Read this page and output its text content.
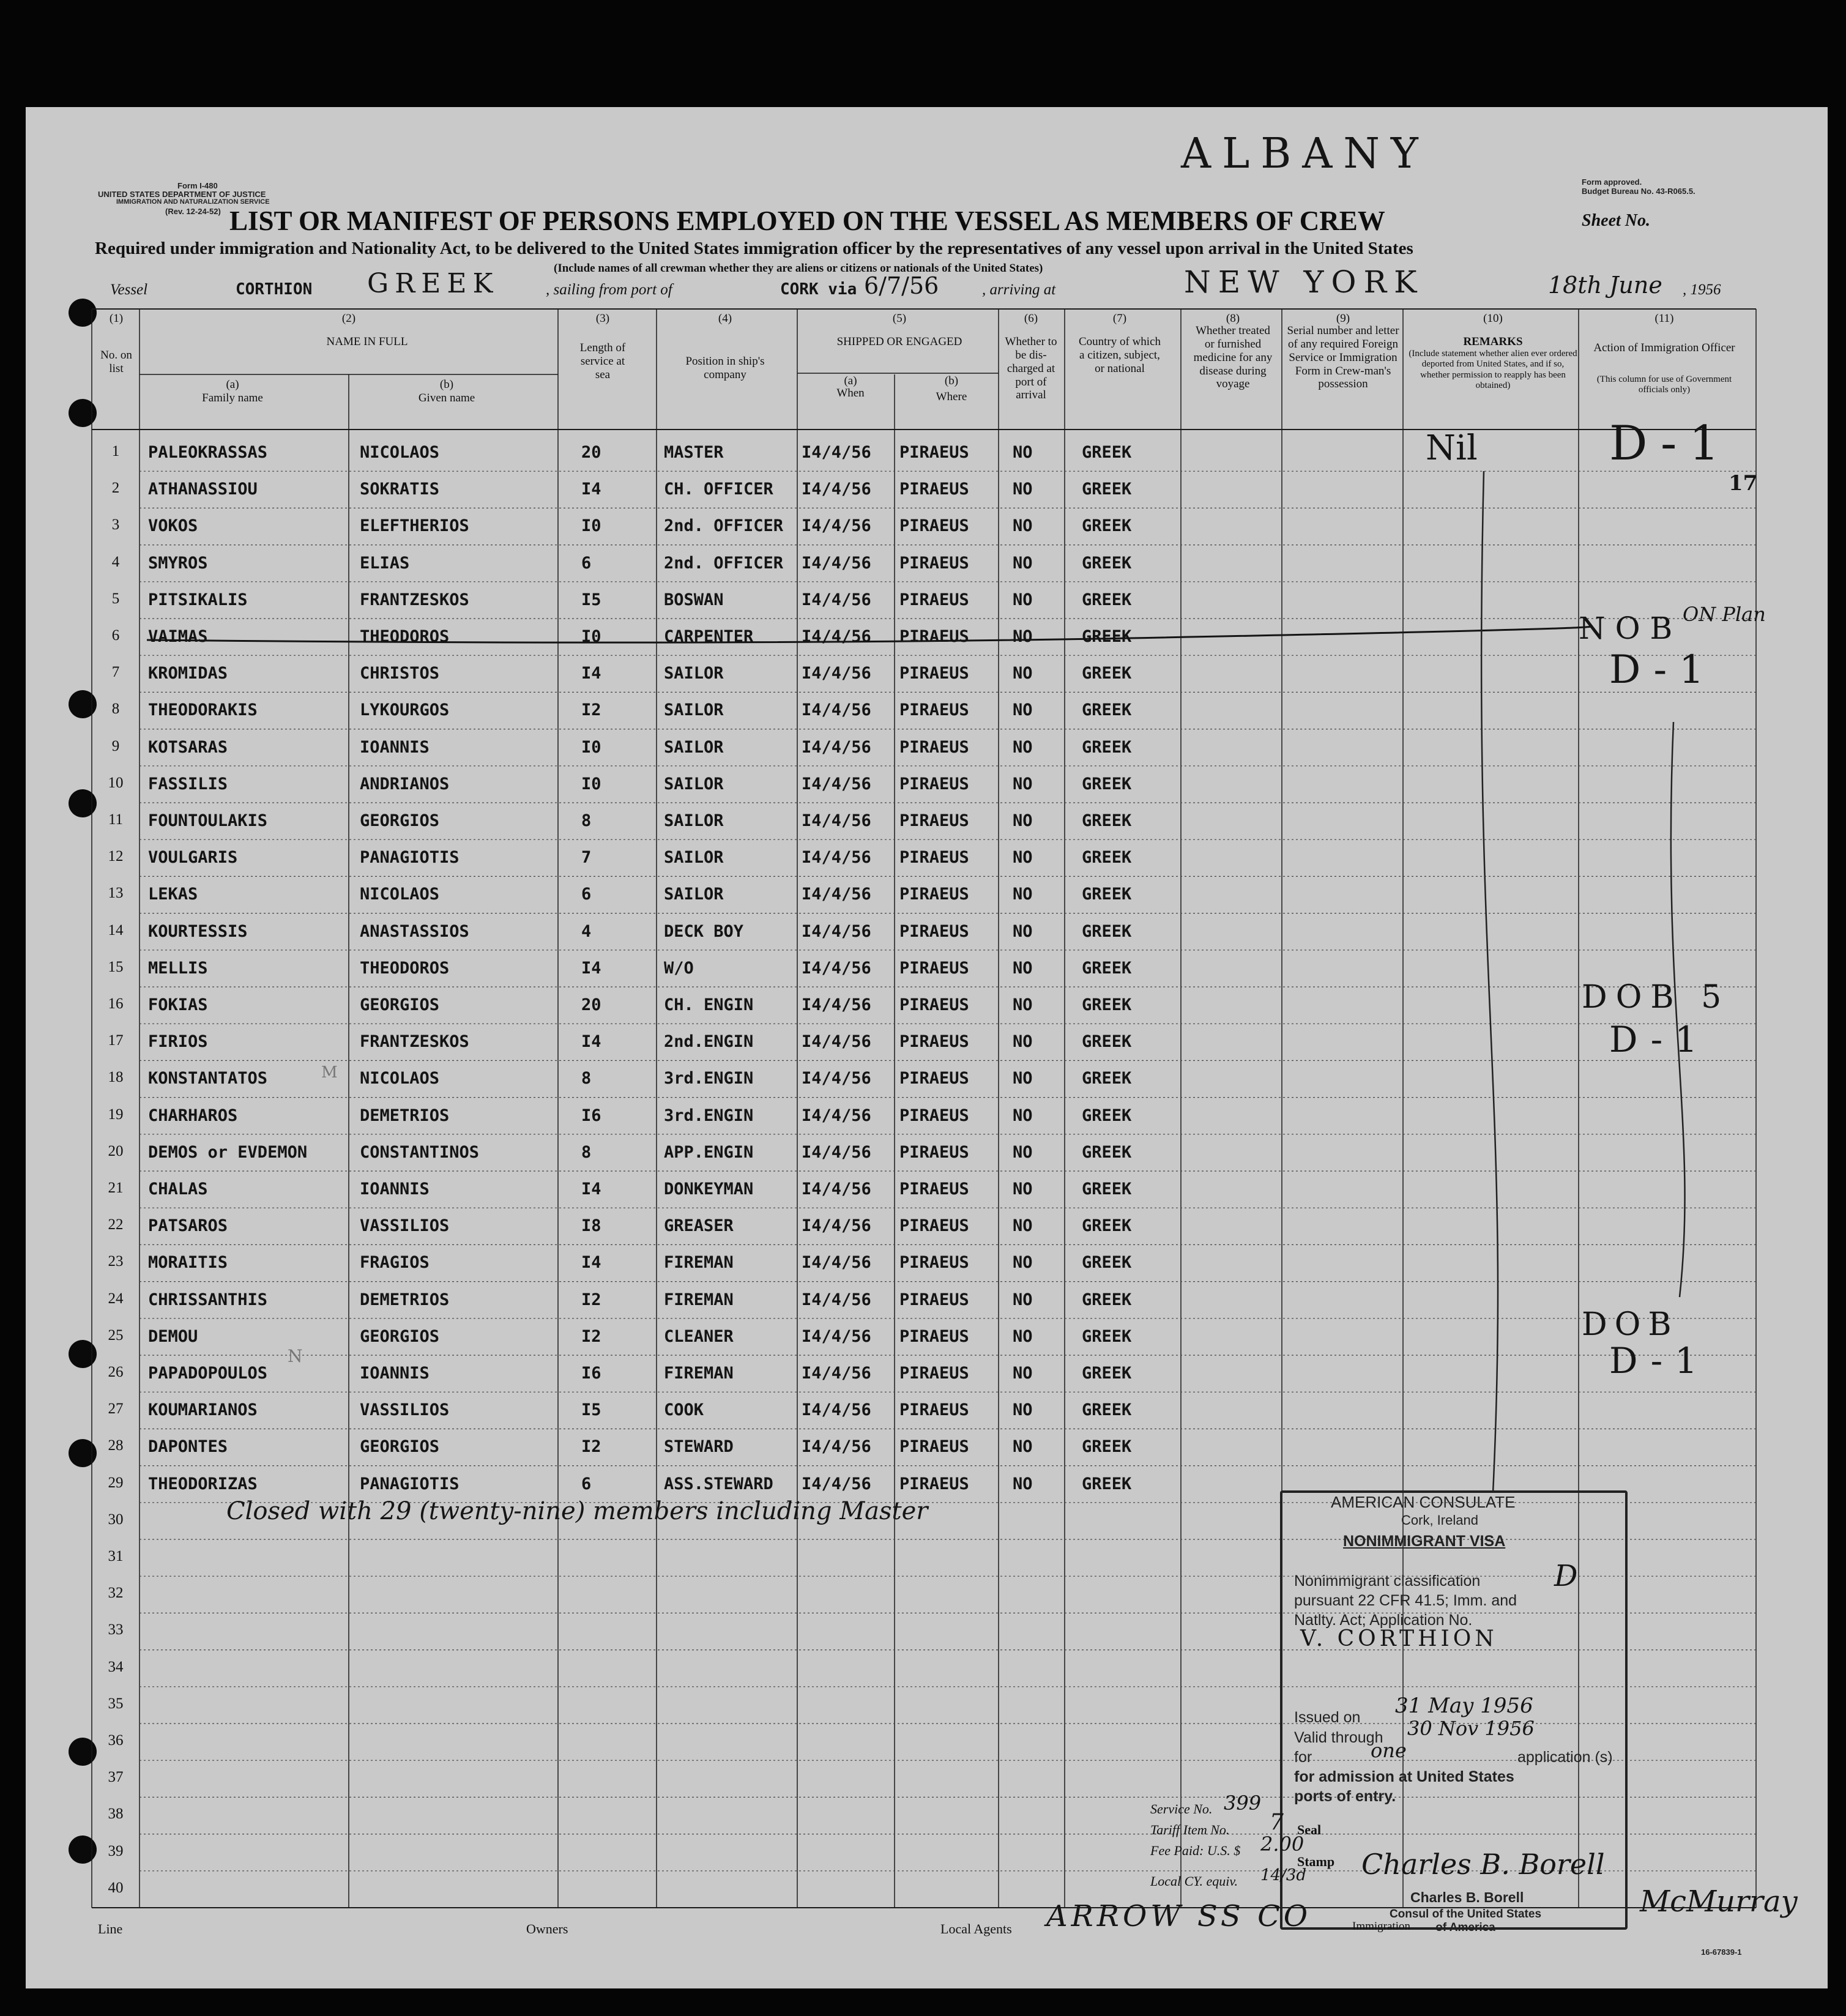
Form I-480
UNITED STATES DEPARTMENT OF JUSTICE
IMMIGRATION AND NATURALIZATION SERVICE
(Rev. 12-24-52)
Form approved.
Budget Bureau No. 43-R065.5.
Sheet No.
ALBANY
LIST OR MANIFEST OF PERSONS EMPLOYED ON THE VESSEL AS MEMBERS OF CREW
Required under immigration and Nationality Act, to be delivered to the United States immigration officer by the representatives of any vessel upon arrival in the United States
(Include names of all crewman whether they are aliens or citizens or nationals of the United States)
Vessel	CORTHION GREEK	, sailing from port of	CORK via 6/7/56	, arriving at	NEW YORK	18th June , 1956
(1)
No. on list
(2)
NAME IN FULL
(a)
Family name
(b)
Given name
(3)
Length of service at sea
(4)
Position in ship's company
(5)
SHIPPED OR ENGAGED
(a)
When
(b)
Where
(6)
Whether to be dis-charged at port of arrival
(7)
Country of which a citizen, subject, or national
(8)
Whether treated or furnished medicine for any disease during voyage
(9)
Serial number and letter of any required Foreign Service or Immigration Form in Crew-man's possession
(10)
REMARKS
(Include statement whether alien ever ordered deported from United States, and if so, whether permission to reapply has been obtained)
(11)
Action of Immigration Officer
(This column for use of Government officials only)
1	PALEOKRASSAS	NICOLAOS	20	MASTER	I4/4/56 PIRAEUS	NO	GREEK
2	ATHANASSIOU	SOKRATIS	I4	CH. OFFICER I4/4/56 PIRAEUS	NO	GREEK
3	VOKOS	ELEFTHERIOS	I0	2nd. OFFICER I4/4/56 PIRAEUS	NO	GREEK
4	SMYROS	ELIAS	6	2nd. OFFICER I4/4/56 PIRAEUS	NO	GREEK
5	PITSIKALIS	FRANTZESKOS	I5	BOSWAN	I4/4/56 PIRAEUS	NO	GREEK
6	VAIMAS	THEODOROS	I0	CARPENTER	I4/4/56 PIRAEUS	NO	GREEK
7	KROMIDAS	CHRISTOS	I4	SAILOR	I4/4/56 PIRAEUS	NO	GREEK
8	THEODORAKIS	LYKOURGOS	I2	SAILOR	I4/4/56 PIRAEUS	NO	GREEK
9	KOTSARAS	IOANNIS	I0	SAILOR	I4/4/56 PIRAEUS	NO	GREEK
10	FASSILIS	ANDRIANOS	I0	SAILOR	I4/4/56 PIRAEUS	NO	GREEK
11	FOUNTOULAKIS	GEORGIOS	8	SAILOR	I4/4/56 PIRAEUS	NO	GREEK
12	VOULGARIS	PANAGIOTIS	7	SAILOR	I4/4/56 PIRAEUS	NO	GREEK
13	LEKAS	NICOLAOS	6	SAILOR	I4/4/56 PIRAEUS	NO	GREEK
14	KOURTESSIS	ANASTASSIOS	4	DECK BOY	I4/4/56 PIRAEUS	NO	GREEK
15	MELLIS	THEODOROS	I4	W/O	I4/4/56 PIRAEUS	NO	GREEK
16	FOKIAS	GEORGIOS	20	CH. ENGIN	I4/4/56 PIRAEUS	NO	GREEK
17	FIRIOS	FRANTZESKOS	I4	2nd.ENGIN	I4/4/56 PIRAEUS	NO	GREEK
18	KONSTANTATOS	NICOLAOS	8	3rd.ENGIN	I4/4/56 PIRAEUS	NO	GREEK
19	CHARHAROS	DEMETRIOS	I6	3rd.ENGIN	I4/4/56 PIRAEUS	NO	GREEK
20	DEMOS or EVDEMON	CONSTANTINOS	8	APP.ENGIN	I4/4/56 PIRAEUS	NO	GREEK
21	CHALAS	IOANNIS	I4	DONKEYMAN	I4/4/56 PIRAEUS	NO	GREEK
22	PATSAROS	VASSILIOS	I8	GREASER	I4/4/56 PIRAEUS	NO	GREEK
23	MORAITIS	FRAGIOS	I4	FIREMAN	I4/4/56 PIRAEUS	NO	GREEK
24	CHRISSANTHIS	DEMETRIOS	I2	FIREMAN	I4/4/56 PIRAEUS	NO	GREEK
25	DEMOU	GEORGIOS	I2	CLEANER	I4/4/56 PIRAEUS	NO	GREEK
26	PAPADOPOULOS	IOANNIS	I6	FIREMAN	I4/4/56 PIRAEUS	NO	GREEK
27	KOUMARIANOS	VASSILIOS	I5	COOK	I4/4/56 PIRAEUS	NO	GREEK
28	DAPONTES	GEORGIOS	I2	STEWARD	I4/4/56 PIRAEUS	NO	GREEK
29	THEODORIZAS	PANAGIOTIS	6	ASS.STEWARD I4/4/56 PIRAEUS	NO	GREEK
30
31
32
33
34
35
36
37
38
39
40
Closed with 29 (twenty-nine) members including Master
Nil	D-1
17
N O B ON Plan
D-1
DOB 5
D-1
DOB
D-1
M
N
AMERICAN CONSULATE
Cork, Ireland
NONIMMIGRANT VISA
Nonimmigrant classification	D
pursuant 22 CFR 41.5; Imm. and
Natlty. Act; Application No.
V. CORTHION
Issued on 31 May 1956
Valid through 30 Nov 1956
for	one	application (s)
for admission at United States
ports of entry.
Service No. 399
Tariff Item No. 7 Seal
Fee Paid: U.S. $ 2.00
Stamp
Local CY. equiv. 14/3d Charles B. Borell
Charles B. Borell
Consul of the United States of America
Line	Owners	Local Agents ARROW SS CO	Immigration
16-67839-1
McMurray
